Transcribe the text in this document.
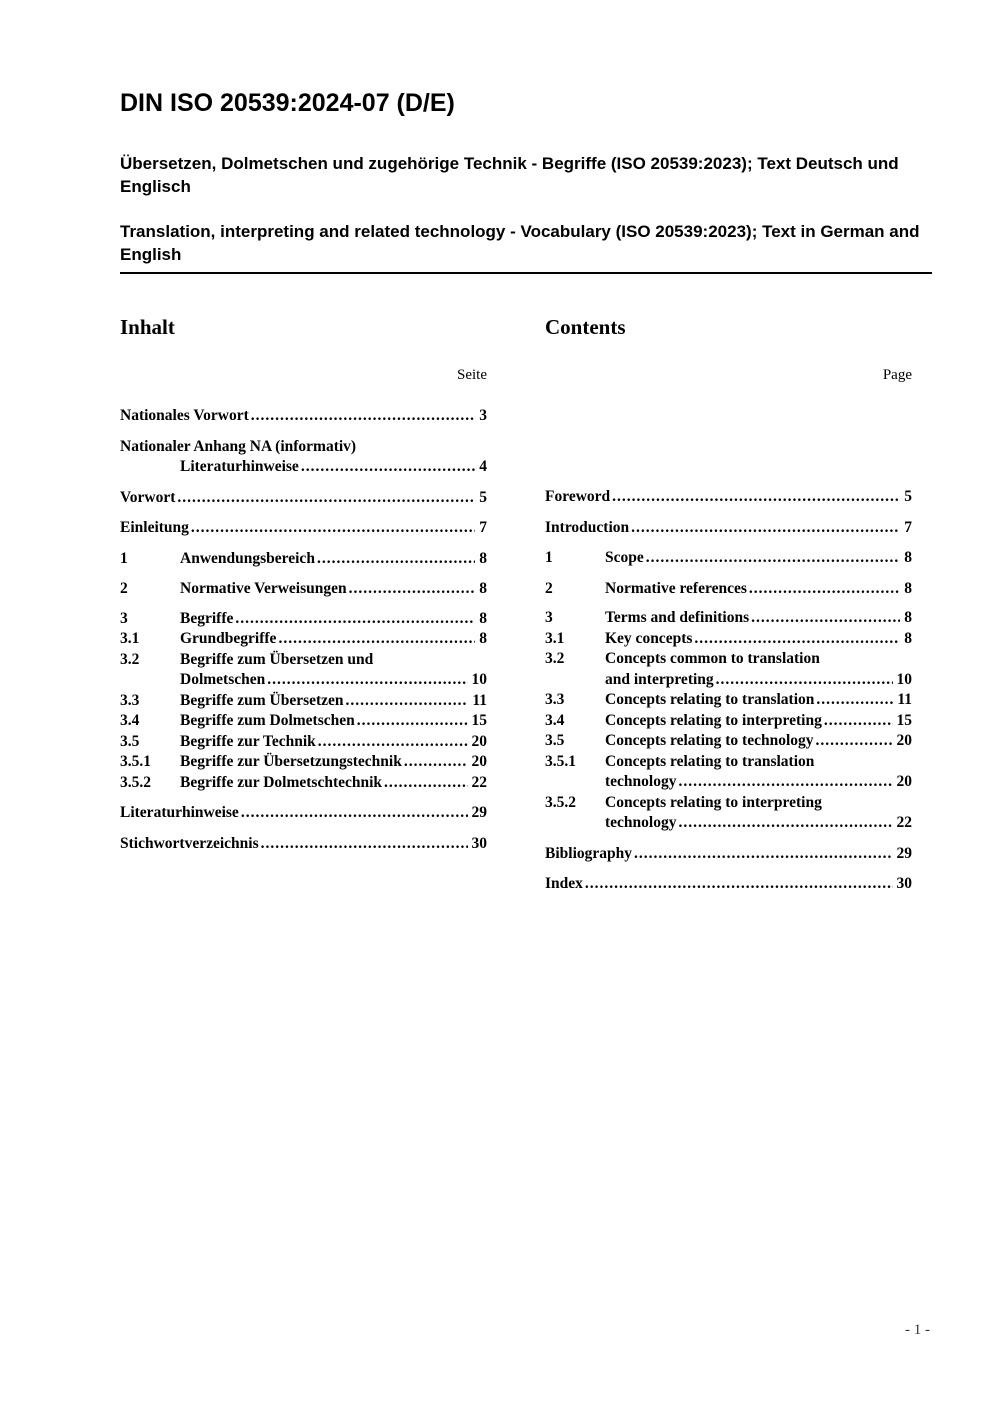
DIN ISO 20539:2024-07 (D/E)
Übersetzen, Dolmetschen und zugehörige Technik - Begriffe (ISO 20539:2023); Text Deutsch und Englisch
Translation, interpreting and related technology - Vocabulary (ISO 20539:2023); Text in German and English
Inhalt
Seite
Nationales Vorwort .....	3
Nationaler Anhang NA (informativ)
Literaturhinweise .....	4
Vorwort .....	5
Einleitung .....	7
1	Anwendungsbereich .....	8
2	Normative Verweisungen .....	8
3	Begriffe .....	8
3.1	Grundbegriffe .....	8
3.2	Begriffe zum Übersetzen und
Dolmetschen .....	10
3.3	Begriffe zum Übersetzen .....	11
3.4	Begriffe zum Dolmetschen .....	15
3.5	Begriffe zur Technik .....	20
3.5.1	Begriffe zur Übersetzungstechnik .....	20
3.5.2	Begriffe zur Dolmetschtechnik .....	22
Literaturhinweise .....	29
Stichwortverzeichnis .....	30
Contents
Page
Foreword .....	5
Introduction .....	7
1	Scope .....	8
2	Normative references .....	8
3	Terms and definitions .....	8
3.1	Key concepts .....	8
3.2	Concepts common to translation
and interpreting .....	10
3.3	Concepts relating to translation .....	11
3.4	Concepts relating to interpreting .....	15
3.5	Concepts relating to technology .....	20
3.5.1	Concepts relating to translation
technology .....	20
3.5.2	Concepts relating to interpreting
technology .....	22
Bibliography .....	29
Index .....	30
- 1 -
